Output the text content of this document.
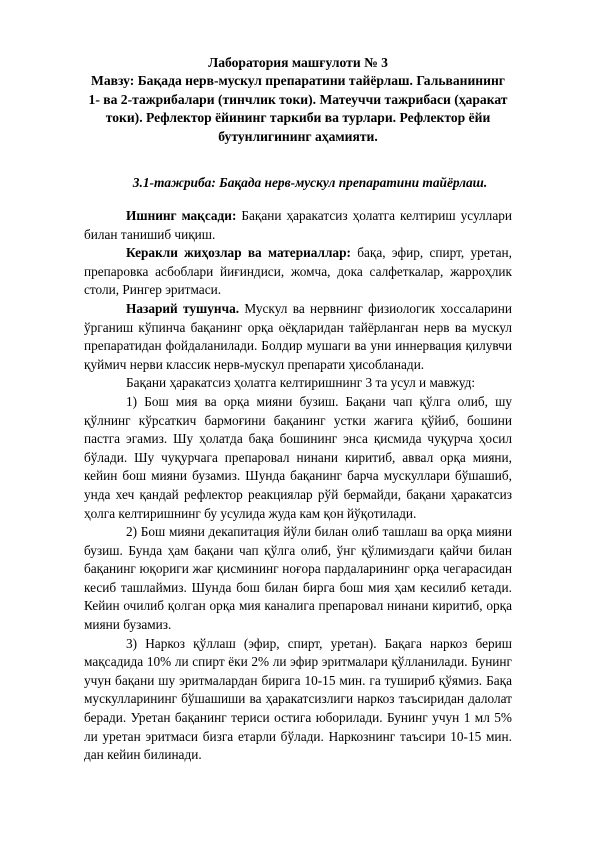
Лаборатория машғулоти № 3

Мавзу: Бақада нерв-мускул препаратини тайёрлаш. Гальванининг 1- ва 2-тажрибалари (тинчлик токи). Матеуччи тажрибаси (ҳаракат токи). Рефлектор ёйининг таркиби ва турлари. Рефлектор ёйи бутунлигининг аҳамияти.

3.1-тажриба: Бақада нерв-мускул препаратини тайёрлаш.

Ишнинг мақсади: Бақани ҳаракатсиз ҳолатга келтириш усуллари билан танишиб чиқиш.

Керакли жиҳозлар ва материаллар: бақа, эфир, спирт, уретан, препаровка асбоблари йиғиндиси, жомча, дока салфеткалар, жарроҳлик столи, Рингер эритмаси.

Назарий тушунча. Мускул ва нервнинг физиологик хоссаларини ўрганиш кўпинча бақанинг орқа оёқларидан тайёрланган нерв ва мускул препаратидан фойдаланилади. Болдир мушаги ва уни иннервация қилувчи қуймич нерви классик нерв-мускул препарати ҳисобланади.

Бақани ҳаракатсиз ҳолатга келтиришнинг 3 та усул и мавжуд:

1) Бош мия ва орқа мияни бузиш. Бақани чап қўлга олиб, шу қўлнинг кўрсаткич бармоғини бақанинг устки жағига қўйиб, бошини пастга эгамиз. Шу ҳолатда бақа бошининг энса қисмида чуқурча ҳосил бўлади. Шу чуқурчага препаровал нинани киритиб, аввал орқа мияни, кейин бош мияни бузамиз. Шунда бақанинг барча мускуллари бўшашиб, унда хеч қандай рефлектор реакциялар рўй бермайди, бақани ҳаракатсиз ҳолга келтиришнинг бу усулида жуда кам қон йўқотилади.

2) Бош мияни декапитация йўли билан олиб ташлаш ва орқа мияни бузиш. Бунда ҳам бақани чап қўлга олиб, ўнг қўлимиздаги қайчи билан бақанинг юқориги жағ қисмининг ноғора пардаларининг орқа чегарасидан кесиб ташлаймиз. Шунда бош билан бирга бош мия ҳам кесилиб кетади. Кейин очилиб қолган орқа мия каналига препаровал нинани киритиб, орқа мияни бузамиз.

3) Наркоз қўллаш (эфир, спирт, уретан). Бақага наркоз бериш мақсадида 10% ли спирт ёки 2% ли эфир эритмалари қўлланилади. Бунинг учун бақани шу эритмалардан бирига 10-15 мин. га тушириб қўямиз. Бақа мускулларининг бўшашиши ва ҳаракатсизлиги наркоз таъсиридан далолат беради. Уретан бақанинг териси остига юборилади. Бунинг учун 1 мл 5% ли уретан эритмаси бизга етарли бўлади. Наркознинг таъсири 10-15 мин. дан кейин билинади.
